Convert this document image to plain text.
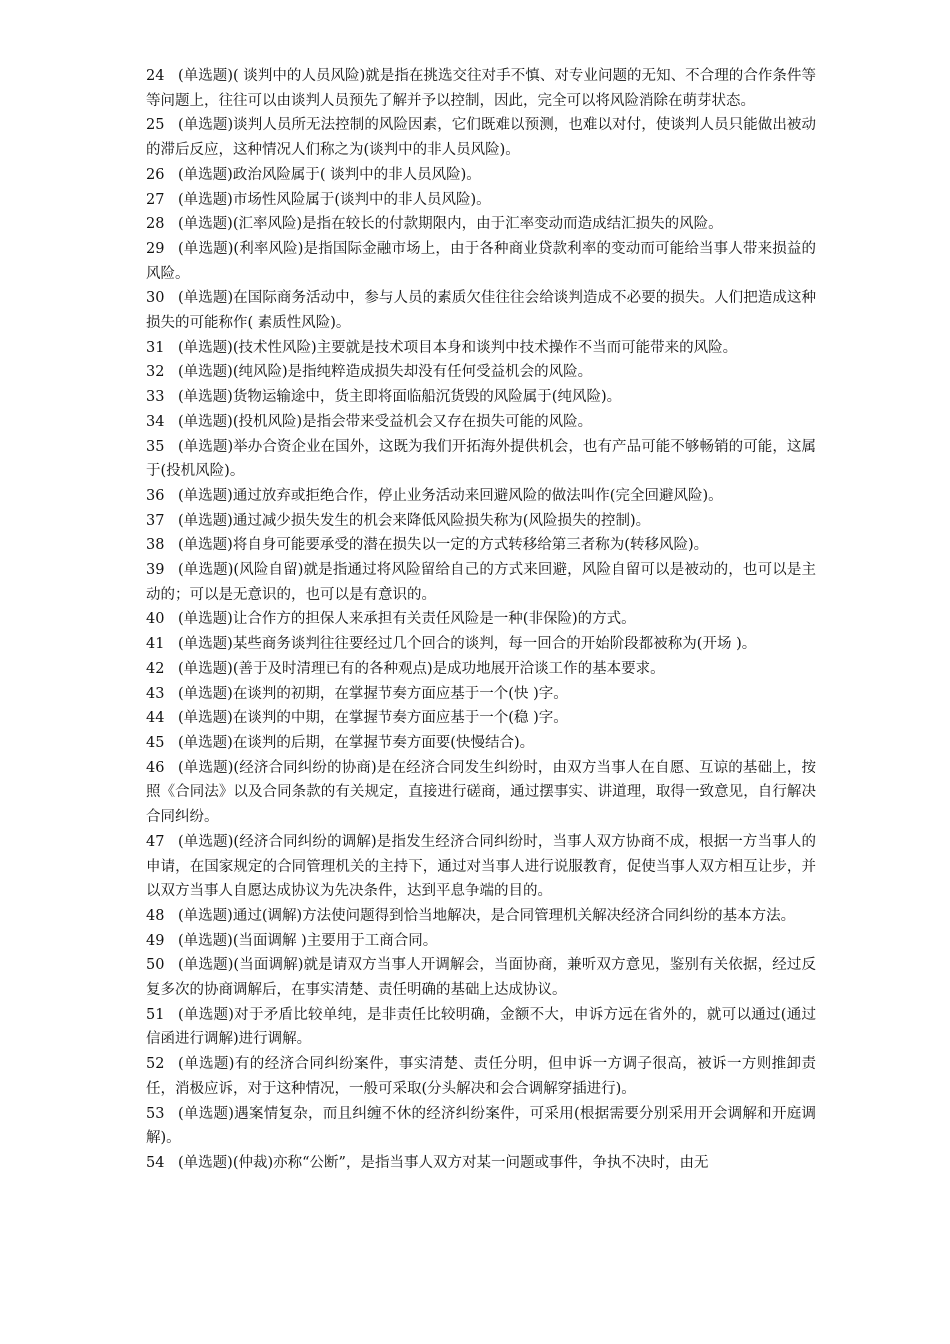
24 (单选题)( 谈判中的人员风险)就是指在挑选交往对手不慎、对专业问题的无知、不合理的合作条件等等问题上，往往可以由谈判人员预先了解并予以控制，因此，完全可以将风险消除在萌芽状态。

25 (单选题)谈判人员所无法控制的风险因素，它们既难以预测，也难以对付，使谈判人员只能做出被动的滞后反应，这种情况人们称之为(谈判中的非人员风险)。

26 (单选题)政治风险属于( 谈判中的非人员风险)。

27 (单选题)市场性风险属于(谈判中的非人员风险)。

28 (单选题)(汇率风险)是指在较长的付款期限内，由于汇率变动而造成结汇损失的风险。

29 (单选题)(利率风险)是指国际金融市场上，由于各种商业贷款利率的变动而可能给当事人带来损益的风险。

30 (单选题)在国际商务活动中，参与人员的素质欠佳往往会给谈判造成不必要的损失。人们把造成这种损失的可能称作( 素质性风险)。

31 (单选题)(技术性风险)主要就是技术项目本身和谈判中技术操作不当而可能带来的风险。

32 (单选题)(纯风险)是指纯粹造成损失却没有任何受益机会的风险。

33 (单选题)货物运输途中，货主即将面临船沉货毁的风险属于(纯风险)。

34 (单选题)(投机风险)是指会带来受益机会又存在损失可能的风险。

35 (单选题)举办合资企业在国外，这既为我们开拓海外提供机会，也有产品可能不够畅销的可能，这属于(投机风险)。

36 (单选题)通过放弃或拒绝合作，停止业务活动来回避风险的做法叫作(完全回避风险)。

37 (单选题)通过减少损失发生的机会来降低风险损失称为(风险损失的控制)。

38 (单选题)将自身可能要承受的潜在损失以一定的方式转移给第三者称为(转移风险)。

39 (单选题)(风险自留)就是指通过将风险留给自己的方式来回避，风险自留可以是被动的，也可以是主动的；可以是无意识的，也可以是有意识的。

40 (单选题)让合作方的担保人来承担有关责任风险是一种(非保险)的方式。

41 (单选题)某些商务谈判往往要经过几个回合的谈判，每一回合的开始阶段都被称为(开场 )。

42 (单选题)(善于及时清理已有的各种观点)是成功地展开洽谈工作的基本要求。

43 (单选题)在谈判的初期，在掌握节奏方面应基于一个(快 )字。

44 (单选题)在谈判的中期，在掌握节奏方面应基于一个(稳 )字。

45 (单选题)在谈判的后期，在掌握节奏方面要(快慢结合)。

46 (单选题)(经济合同纠纷的协商)是在经济合同发生纠纷时，由双方当事人在自愿、互谅的基础上，按照《合同法》以及合同条款的有关规定，直接进行磋商，通过摆事实、讲道理，取得一致意见，自行解决合同纠纷。

47 (单选题)(经济合同纠纷的调解)是指发生经济合同纠纷时，当事人双方协商不成，根据一方当事人的申请，在国家规定的合同管理机关的主持下，通过对当事人进行说服教育，促使当事人双方相互让步，并以双方当事人自愿达成协议为先决条件，达到平息争端的目的。

48 (单选题)通过(调解)方法使问题得到恰当地解决，是合同管理机关解决经济合同纠纷的基本方法。

49 (单选题)(当面调解 )主要用于工商合同。

50 (单选题)(当面调解)就是请双方当事人开调解会，当面协商，兼听双方意见，鉴别有关依据，经过反复多次的协商调解后，在事实清楚、责任明确的基础上达成协议。

51 (单选题)对于矛盾比较单纯，是非责任比较明确，金额不大，申诉方远在省外的，就可以通过(通过信函进行调解)进行调解。

52 (单选题)有的经济合同纠纷案件，事实清楚、责任分明，但申诉一方调子很高，被诉一方则推卸责任，消极应诉，对于这种情况，一般可采取(分头解决和会合调解穿插进行)。

53 (单选题)遇案情复杂，而且纠缠不休的经济纠纷案件，可采用(根据需要分别采用开会调解和开庭调解)。

54 (单选题)(仲裁)亦称“公断”，是指当事人双方对某一问题或事件，争执不决时，由无
